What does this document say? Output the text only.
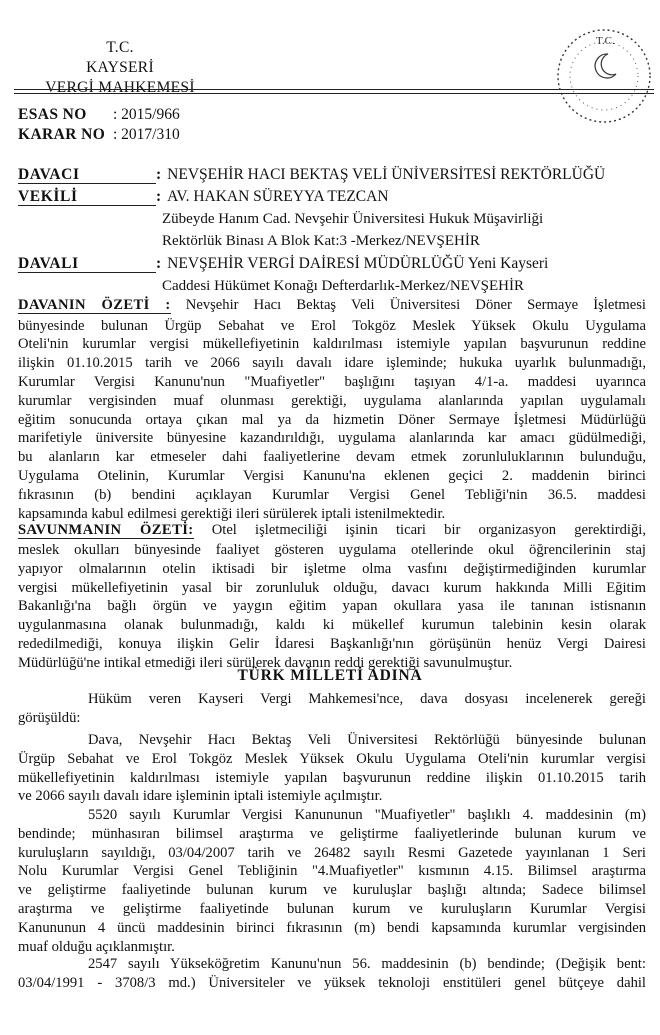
T.C.
KAYSERİ
VERGİ MAHKEMESİ
T.C.
ESAS NO : 2015/966
KARAR NO : 2017/310
DAVACI	: NEVŞEHİR HACI BEKTAŞ VELİ ÜNİVERSİTESİ REKTÖRLÜĞÜ
VEKİLİ	: AV. HAKAN SÜREYYA TEZCAN
Zübeyde Hanım Cad. Nevşehir Üniversitesi Hukuk Müşavirliği
Rektörlük Binası A Blok Kat:3 -Merkez/NEVŞEHİR
DAVALI	: NEVŞEHİR VERGİ DAİRESİ MÜDÜRLÜĞÜ Yeni Kayseri
Caddesi Hükümet Konağı Defterdarlık-Merkez/NEVŞEHİR
DAVANIN ÖZETİ : Nevşehir Hacı Bektaş Veli Üniversitesi Döner Sermaye İşletmesi
bünyesinde bulunan Ürgüp Sebahat ve Erol Tokgöz Meslek Yüksek Okulu Uygulama
Oteli'nin kurumlar vergisi mükellefiyetinin kaldırılması istemiyle yapılan başvurunun reddine
ilişkin 01.10.2015 tarih ve 2066 sayılı davalı idare işleminde; hukuka uyarlık bulunmadığı,
Kurumlar Vergisi Kanunu'nun "Muafiyetler" başlığını taşıyan 4/1-a. maddesi uyarınca
kurumlar vergisinden muaf olunması gerektiği, uygulama alanlarında yapılan uygulamalı
eğitim sonucunda ortaya çıkan mal ya da hizmetin Döner Sermaye İşletmesi Müdürlüğü
marifetiyle üniversite bünyesine kazandırıldığı, uygulama alanlarında kar amacı güdülmediği,
bu alanların kar etmeseler dahi faaliyetlerine devam etmek zorunluluklarının bulunduğu,
Uygulama Otelinin, Kurumlar Vergisi Kanunu'na eklenen geçici 2. maddenin birinci
fıkrasının (b) bendini açıklayan Kurumlar Vergisi Genel Tebliği'nin 36.5. maddesi
kapsamında kabul edilmesi gerektiği ileri sürülerek iptali istenilmektedir.
SAVUNMANIN ÖZETİ: Otel işletmeciliği işinin ticari bir organizasyon gerektirdiği,
meslek okulları bünyesinde faaliyet gösteren uygulama otellerinde okul öğrencilerinin staj
yapıyor olmalarının otelin iktisadi bir işletme olma vasfını değiştirmediğinden kurumlar
vergisi mükellefiyetinin yasal bir zorunluluk olduğu, davacı kurum hakkında Milli Eğitim
Bakanlığı'na bağlı örgün ve yaygın eğitim yapan okullara yasa ile tanınan istisnanın
uygulanmasına olanak bulunmadığı, kaldı ki mükellef kurumun talebinin kesin olarak
rededilmediği, konuya ilişkin Gelir İdaresi Başkanlığı'nın görüşünün henüz Vergi Dairesi
Müdürlüğü'ne intikal etmediği ileri sürülerek davanın reddi gerektiği savunulmuştur.
TÜRK MİLLETİ ADINA
Hüküm veren Kayseri Vergi Mahkemesi'nce, dava dosyası incelenerek gereği
görüşüldü:
Dava, Nevşehir Hacı Bektaş Veli Üniversitesi Rektörlüğü bünyesinde bulunan
Ürgüp Sebahat ve Erol Tokgöz Meslek Yüksek Okulu Uygulama Oteli'nin kurumlar vergisi
mükellefiyetinin kaldırılması istemiyle yapılan başvurunun reddine ilişkin 01.10.2015 tarih
ve 2066 sayılı davalı idare işleminin iptali istemiyle açılmıştır.
5520 sayılı Kurumlar Vergisi Kanununun "Muafiyetler" başlıklı 4. maddesinin (m)
bendinde; münhasıran bilimsel araştırma ve geliştirme faaliyetlerinde bulunan kurum ve
kuruluşların sayıldığı, 03/04/2007 tarih ve 26482 sayılı Resmi Gazetede yayınlanan 1 Seri
Nolu Kurumlar Vergisi Genel Tebliğinin "4.Muafiyetler" kısmının 4.15. Bilimsel araştırma
ve geliştirme faaliyetinde bulunan kurum ve kuruluşlar başlığı altında; Sadece bilimsel
araştırma ve geliştirme faaliyetinde bulunan kurum ve kuruluşların Kurumlar Vergisi
Kanununun 4 üncü maddesinin birinci fıkrasının (m) bendi kapsamında kurumlar vergisinden
muaf olduğu açıklanmıştır.
2547 sayılı Yükseköğretim Kanunu'nun 56. maddesinin (b) bendinde; (Değişik bent:
03/04/1991 - 3708/3 md.) Üniversiteler ve yüksek teknoloji enstitüleri genel bütçeye dahil
